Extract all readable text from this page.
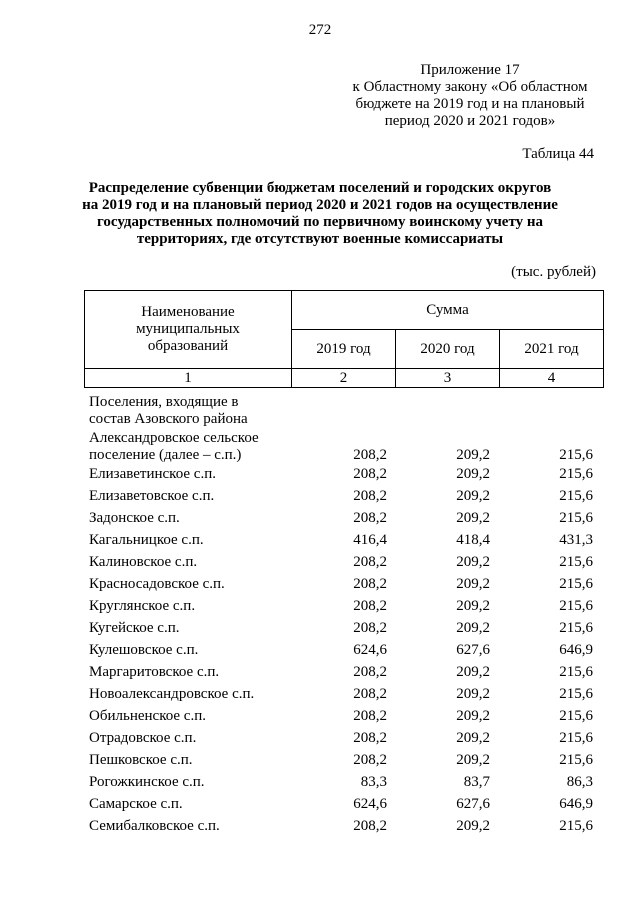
272
Приложение 17
к Областному закону «Об областном
бюджете на 2019 год и на плановый
период 2020 и 2021 годов»
Таблица 44
Распределение субвенции бюджетам поселений и городских округов
на 2019 год и на плановый период 2020 и 2021 годов на осуществление
государственных полномочий по первичному воинскому учету на
территориях, где отсутствуют военные комиссариаты
(тыс. рублей)
Наименование
муниципальных
образований	Сумма		
	2019 год	2020 год	2021 год
1	2	3	4
Поселения, входящие в
состав Азовского района
Александровское сельское
поселение (далее – с.п.)	208,2	209,2	215,6
Елизаветинское с.п.	208,2	209,2	215,6
Елизаветовское с.п.	208,2	209,2	215,6
Задонское с.п.	208,2	209,2	215,6
Кагальницкое с.п.	416,4	418,4	431,3
Калиновское с.п.	208,2	209,2	215,6
Красносадовское с.п.	208,2	209,2	215,6
Круглянское с.п.	208,2	209,2	215,6
Кугейское с.п.	208,2	209,2	215,6
Кулешовское с.п.	624,6	627,6	646,9
Маргаритовское с.п.	208,2	209,2	215,6
Новоалександровское с.п.	208,2	209,2	215,6
Обильненское с.п.	208,2	209,2	215,6
Отрадовское с.п.	208,2	209,2	215,6
Пешковское с.п.	208,2	209,2	215,6
Рогожкинское с.п.	83,3	83,7	86,3
Самарское с.п.	624,6	627,6	646,9
Семибалковское с.п.	208,2	209,2	215,6
